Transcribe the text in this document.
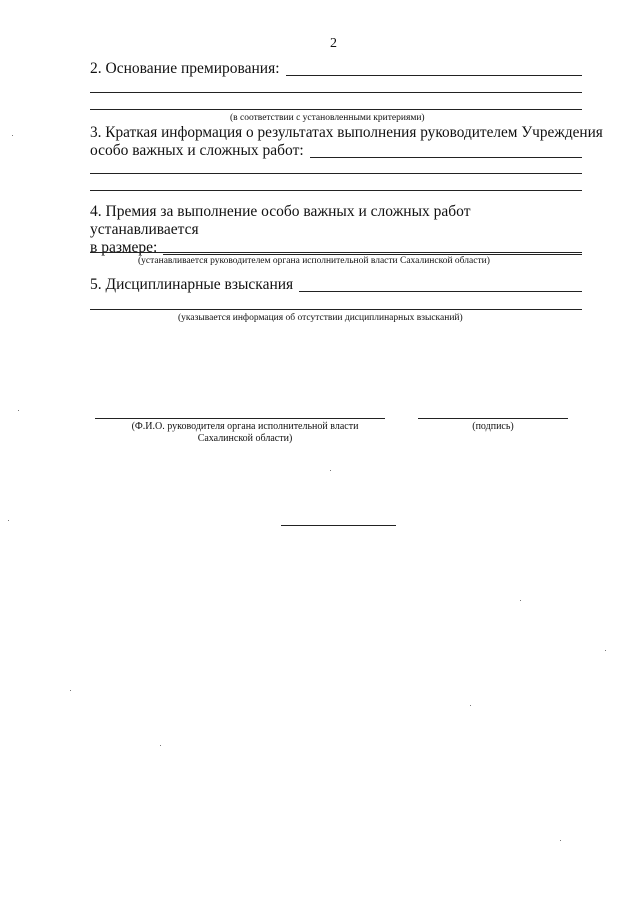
2
2. Основание премирования:
(в соответствии с установленными критериями)
3. Краткая информация о результатах выполнения руководителем Учреждения
особо важных и сложных работ:
4. Премия за выполнение особо важных и сложных работ устанавливается
в размере:
(устанавливается руководителем органа исполнительной власти Сахалинской области)
5. Дисциплинарные взыскания
(указывается информация об отсутствии дисциплинарных взысканий)
(Ф.И.О. руководителя органа исполнительной власти
Сахалинской области)
(подпись)
